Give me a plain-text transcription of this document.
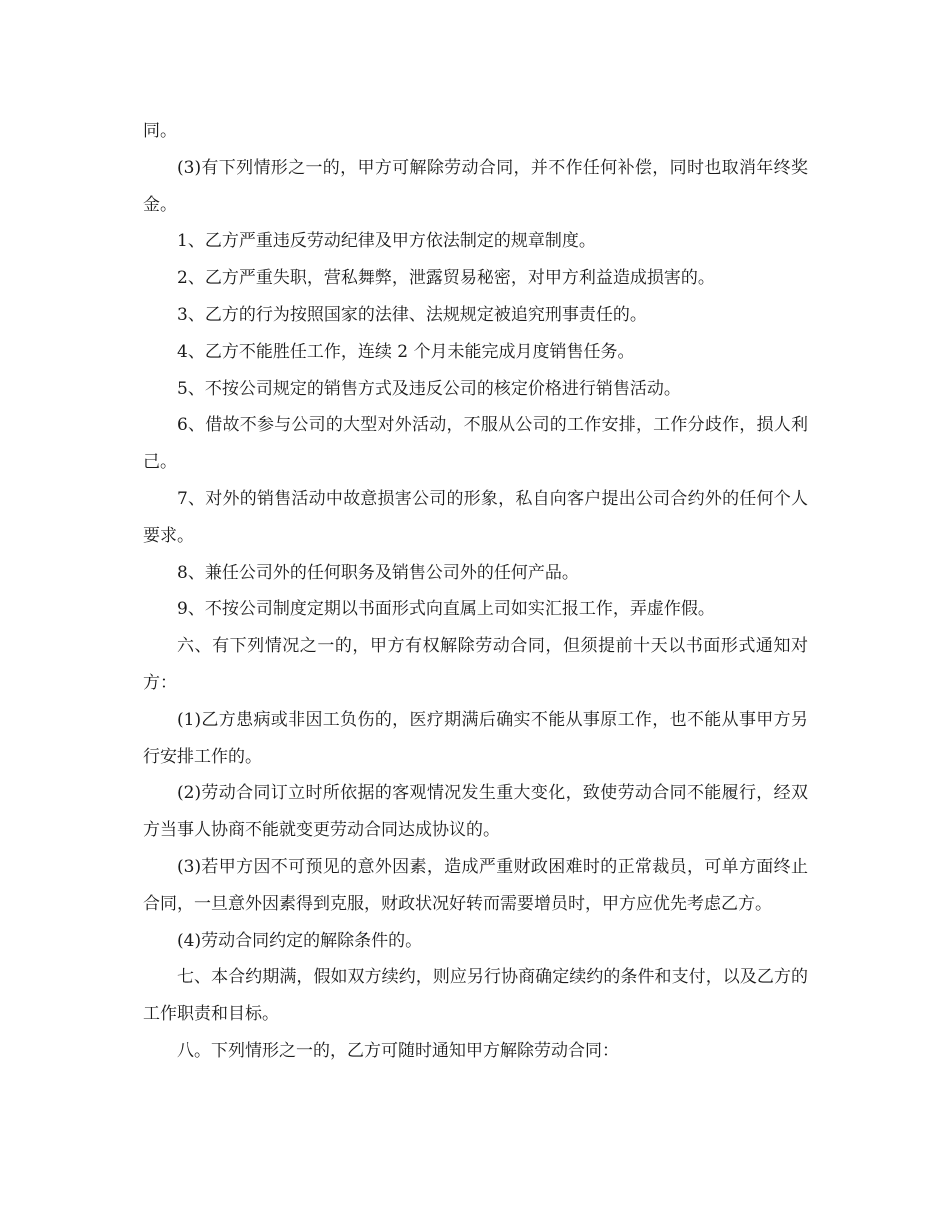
同。

(3)有下列情形之一的，甲方可解除劳动合同，并不作任何补偿，同时也取消年终奖金。

1、乙方严重违反劳动纪律及甲方依法制定的规章制度。

2、乙方严重失职，营私舞弊，泄露贸易秘密，对甲方利益造成损害的。

3、乙方的行为按照国家的法律、法规规定被追究刑事责任的。

4、乙方不能胜任工作，连续 2 个月未能完成月度销售任务。

5、不按公司规定的销售方式及违反公司的核定价格进行销售活动。

6、借故不参与公司的大型对外活动，不服从公司的工作安排，工作分歧作，损人利己。

7、对外的销售活动中故意损害公司的形象，私自向客户提出公司合约外的任何个人要求。

8、兼任公司外的任何职务及销售公司外的任何产品。

9、不按公司制度定期以书面形式向直属上司如实汇报工作，弄虚作假。

六、有下列情况之一的，甲方有权解除劳动合同，但须提前十天以书面形式通知对方：

(1)乙方患病或非因工负伤的，医疗期满后确实不能从事原工作，也不能从事甲方另行安排工作的。

(2)劳动合同订立时所依据的客观情况发生重大变化，致使劳动合同不能履行，经双方当事人协商不能就变更劳动合同达成协议的。

(3)若甲方因不可预见的意外因素，造成严重财政困难时的正常裁员，可单方面终止合同，一旦意外因素得到克服，财政状况好转而需要增员时，甲方应优先考虑乙方。

(4)劳动合同约定的解除条件的。

七、本合约期满，假如双方续约，则应另行协商确定续约的条件和支付，以及乙方的工作职责和目标。

八。下列情形之一的，乙方可随时通知甲方解除劳动合同：
